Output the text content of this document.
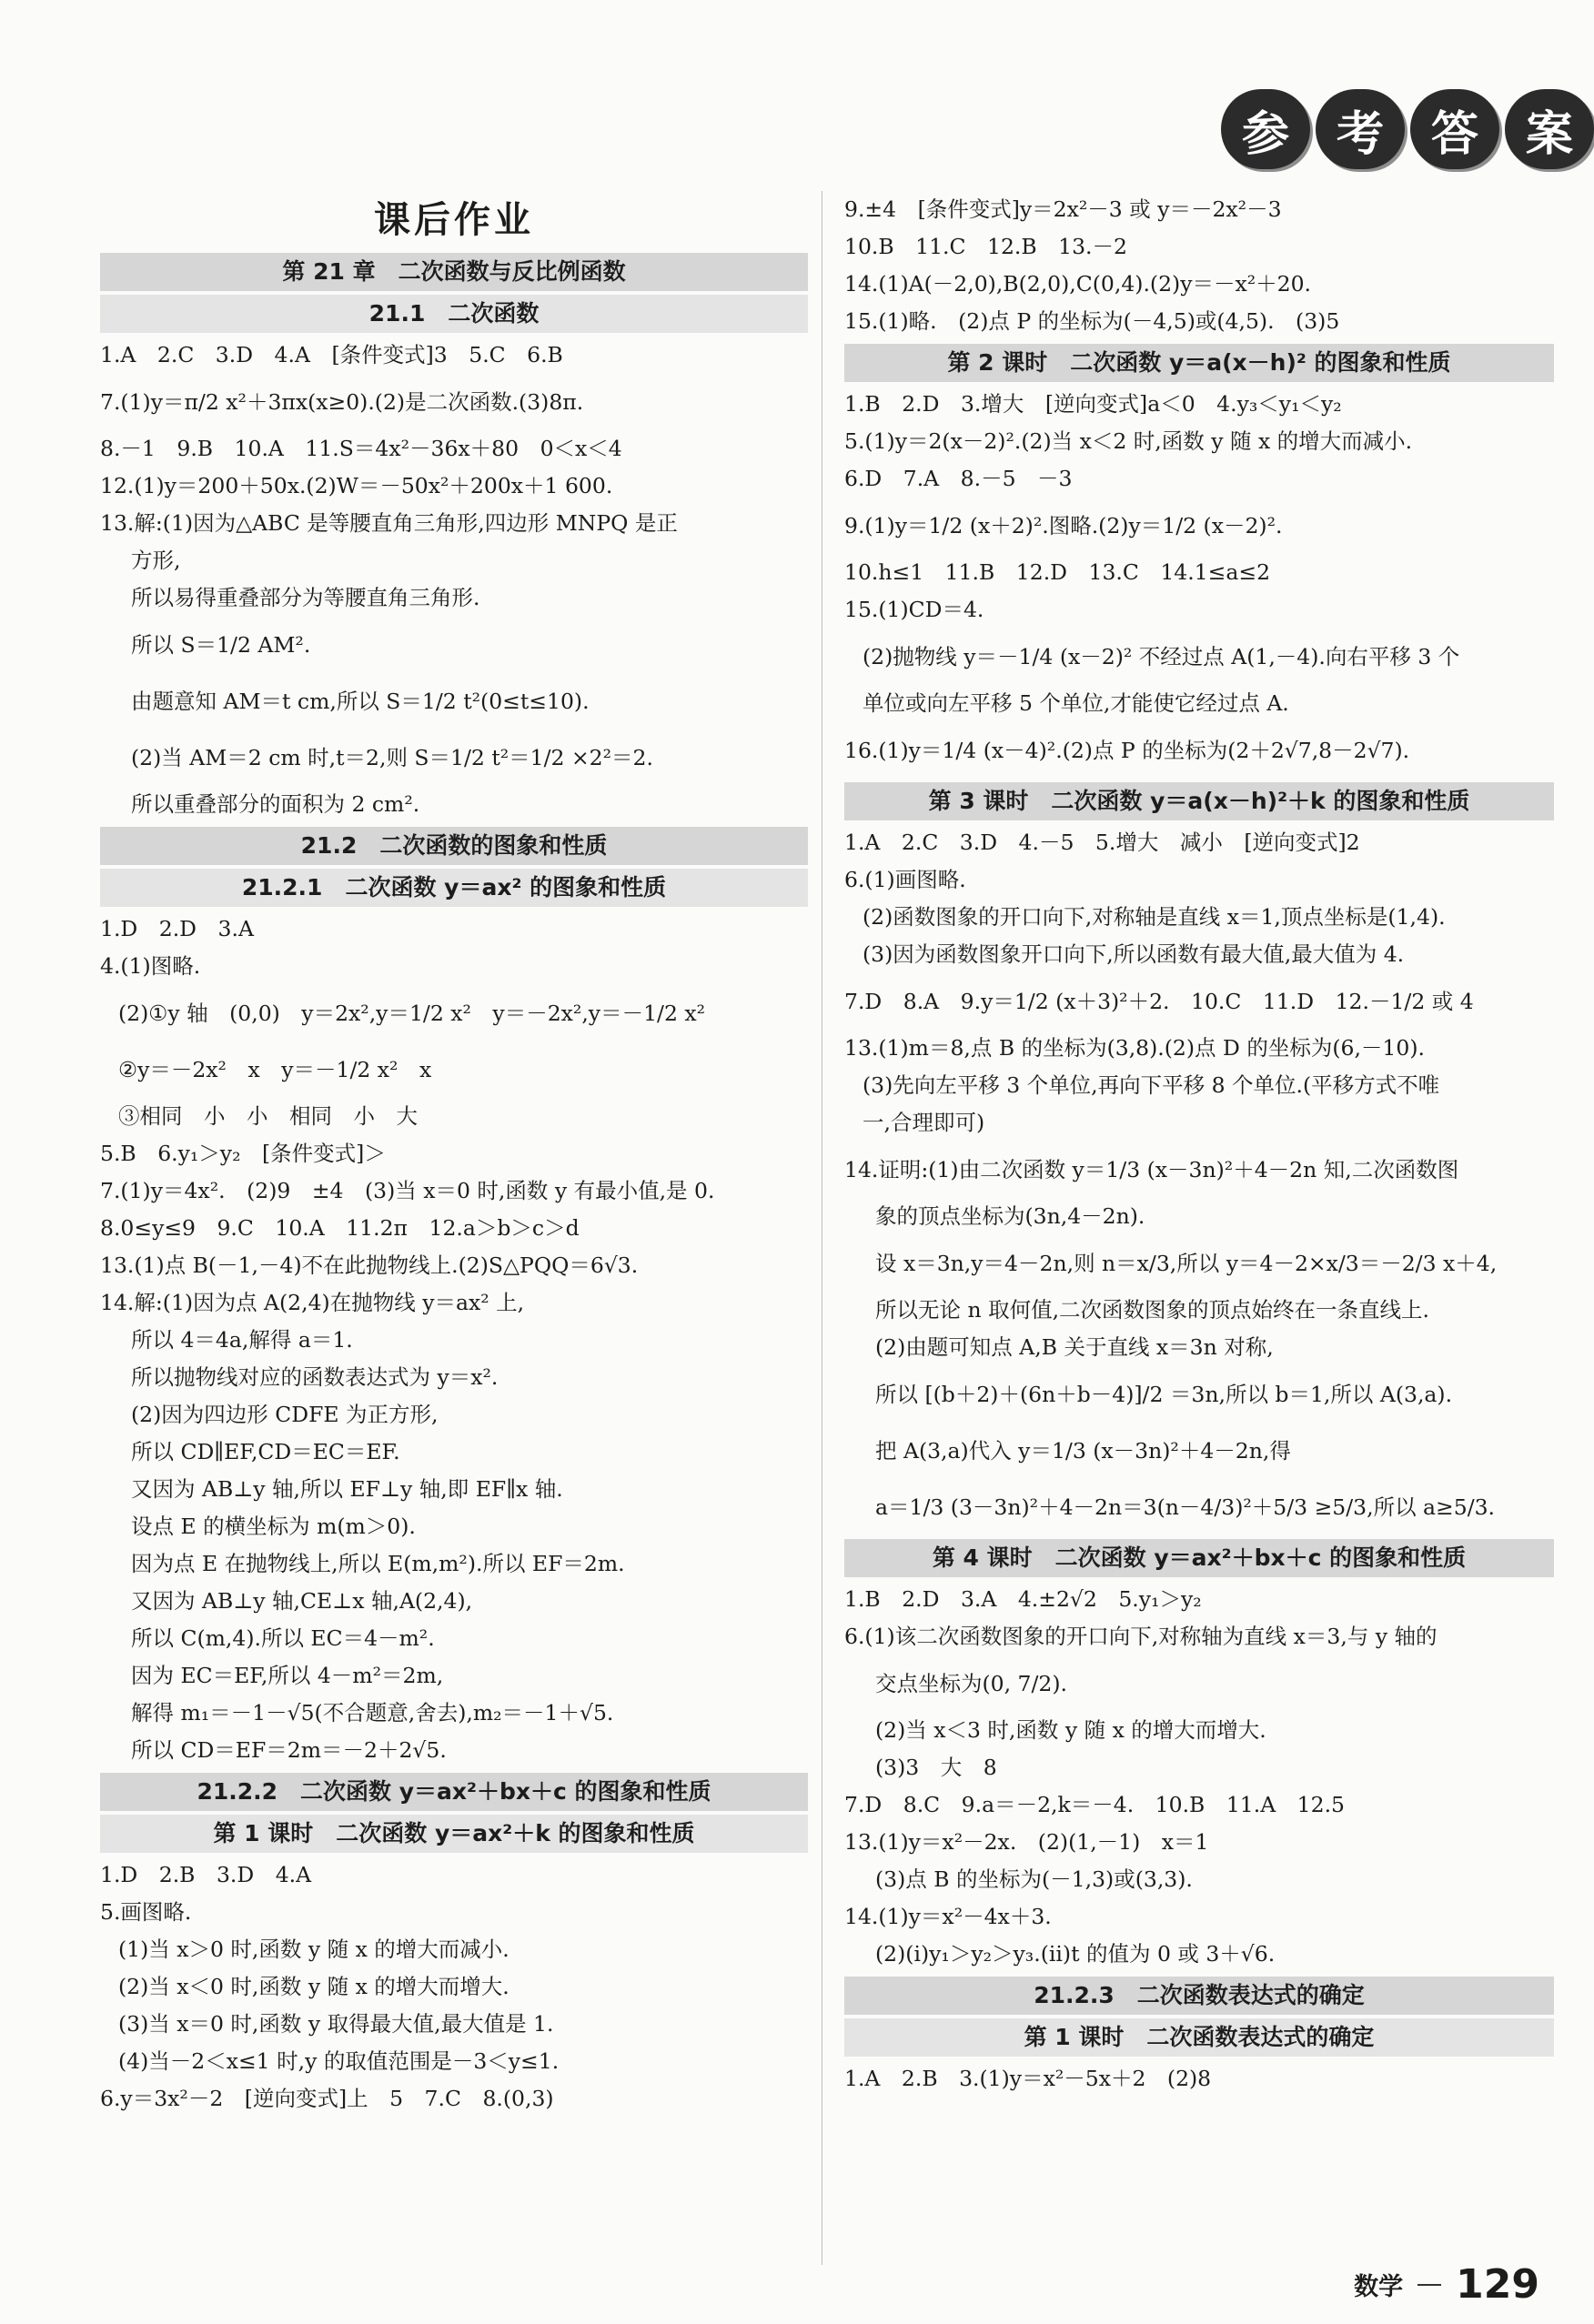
参 考 答 案
课后作业
第 21 章　二次函数与反比例函数
21.1　二次函数
1.A　2.C　3.D　4.A　[条件变式]3　5.C　6.B
7.(1)y＝π/2 x²＋3πx(x≥0).(2)是二次函数.(3)8π.
8.－1　9.B　10.A　11.S＝4x²－36x＋80　0＜x＜4
12.(1)y＝200＋50x.(2)W＝－50x²＋200x＋1 600.
13.解:(1)因为△ABC 是等腰直角三角形,四边形 MNPQ 是正
方形,
所以易得重叠部分为等腰直角三角形.
所以 S＝1/2 AM².
由题意知 AM＝t cm,所以 S＝1/2 t²(0≤t≤10).
(2)当 AM＝2 cm 时,t＝2,则 S＝1/2 t²＝1/2 ×2²＝2.
所以重叠部分的面积为 2 cm².
21.2　二次函数的图象和性质
21.2.1　二次函数 y＝ax² 的图象和性质
1.D　2.D　3.A
4.(1)图略.
(2)①y 轴　(0,0)　y＝2x²,y＝1/2 x²　y＝－2x²,y＝－1/2 x²
②y＝－2x²　x　y＝－1/2 x²　x
③相同　小　小　相同　小　大
5.B　6.y₁＞y₂　[条件变式]＞
7.(1)y＝4x².　(2)9　±4　(3)当 x＝0 时,函数 y 有最小值,是 0.
8.0≤y≤9　9.C　10.A　11.2π　12.a＞b＞c＞d
13.(1)点 B(－1,－4)不在此抛物线上.(2)S△PQQ＝6√3.
14.解:(1)因为点 A(2,4)在抛物线 y＝ax² 上,
所以 4＝4a,解得 a＝1.
所以抛物线对应的函数表达式为 y＝x².
(2)因为四边形 CDFE 为正方形,
所以 CD∥EF,CD＝EC＝EF.
又因为 AB⊥y 轴,所以 EF⊥y 轴,即 EF∥x 轴.
设点 E 的横坐标为 m(m＞0).
因为点 E 在抛物线上,所以 E(m,m²).所以 EF＝2m.
又因为 AB⊥y 轴,CE⊥x 轴,A(2,4),
所以 C(m,4).所以 EC＝4－m².
因为 EC＝EF,所以 4－m²＝2m,
解得 m₁＝－1－√5(不合题意,舍去),m₂＝－1＋√5.
所以 CD＝EF＝2m＝－2＋2√5.
21.2.2　二次函数 y＝ax²＋bx＋c 的图象和性质
第 1 课时　二次函数 y＝ax²＋k 的图象和性质
1.D　2.B　3.D　4.A
5.画图略.
(1)当 x＞0 时,函数 y 随 x 的增大而减小.
(2)当 x＜0 时,函数 y 随 x 的增大而增大.
(3)当 x＝0 时,函数 y 取得最大值,最大值是 1.
(4)当－2＜x≤1 时,y 的取值范围是－3＜y≤1.
6.y＝3x²－2　[逆向变式]上　5　7.C　8.(0,3)
9.±4　[条件变式]y＝2x²－3 或 y＝－2x²－3
10.B　11.C　12.B　13.－2
14.(1)A(－2,0),B(2,0),C(0,4).(2)y＝－x²＋20.
15.(1)略.　(2)点 P 的坐标为(－4,5)或(4,5).　(3)5
第 2 课时　二次函数 y＝a(x－h)² 的图象和性质
1.B　2.D　3.增大　[逆向变式]a＜0　4.y₃＜y₁＜y₂
5.(1)y＝2(x－2)².(2)当 x＜2 时,函数 y 随 x 的增大而减小.
6.D　7.A　8.－5　－3
9.(1)y＝1/2 (x＋2)².图略.(2)y＝1/2 (x－2)².
10.h≤1　11.B　12.D　13.C　14.1≤a≤2
15.(1)CD＝4.
(2)抛物线 y＝－1/4 (x－2)² 不经过点 A(1,－4).向右平移 3 个
单位或向左平移 5 个单位,才能使它经过点 A.
16.(1)y＝1/4 (x－4)².(2)点 P 的坐标为(2＋2√7,8－2√7).
第 3 课时　二次函数 y＝a(x－h)²＋k 的图象和性质
1.A　2.C　3.D　4.－5　5.增大　减小　[逆向变式]2
6.(1)画图略.
(2)函数图象的开口向下,对称轴是直线 x＝1,顶点坐标是(1,4).
(3)因为函数图象开口向下,所以函数有最大值,最大值为 4.
7.D　8.A　9.y＝1/2 (x＋3)²＋2.　10.C　11.D　12.－1/2 或 4
13.(1)m＝8,点 B 的坐标为(3,8).(2)点 D 的坐标为(6,－10).
(3)先向左平移 3 个单位,再向下平移 8 个单位.(平移方式不唯
一,合理即可)
14.证明:(1)由二次函数 y＝1/3 (x－3n)²＋4－2n 知,二次函数图
象的顶点坐标为(3n,4－2n).
设 x＝3n,y＝4－2n,则 n＝x/3,所以 y＝4－2×x/3＝－2/3 x＋4,
所以无论 n 取何值,二次函数图象的顶点始终在一条直线上.
(2)由题可知点 A,B 关于直线 x＝3n 对称,
所以 [(b＋2)＋(6n＋b－4)]/2 ＝3n,所以 b＝1,所以 A(3,a).
把 A(3,a)代入 y＝1/3 (x－3n)²＋4－2n,得
a＝1/3 (3－3n)²＋4－2n＝3(n－4/3)²＋5/3 ≥5/3,所以 a≥5/3.
第 4 课时　二次函数 y＝ax²＋bx＋c 的图象和性质
1.B　2.D　3.A　4.±2√2　5.y₁＞y₂
6.(1)该二次函数图象的开口向下,对称轴为直线 x＝3,与 y 轴的
交点坐标为(0, 7/2).
(2)当 x＜3 时,函数 y 随 x 的增大而增大.
(3)3　大　8
7.D　8.C　9.a＝－2,k＝－4.　10.B　11.A　12.5
13.(1)y＝x²－2x.　(2)(1,－1)　x＝1
(3)点 B 的坐标为(－1,3)或(3,3).
14.(1)y＝x²－4x＋3.
(2)(ⅰ)y₁＞y₂＞y₃.(ⅱ)t 的值为 0 或 3＋√6.
21.2.3　二次函数表达式的确定
第 1 课时　二次函数表达式的确定
1.A　2.B　3.(1)y＝x²－5x＋2　(2)8
数学 129
